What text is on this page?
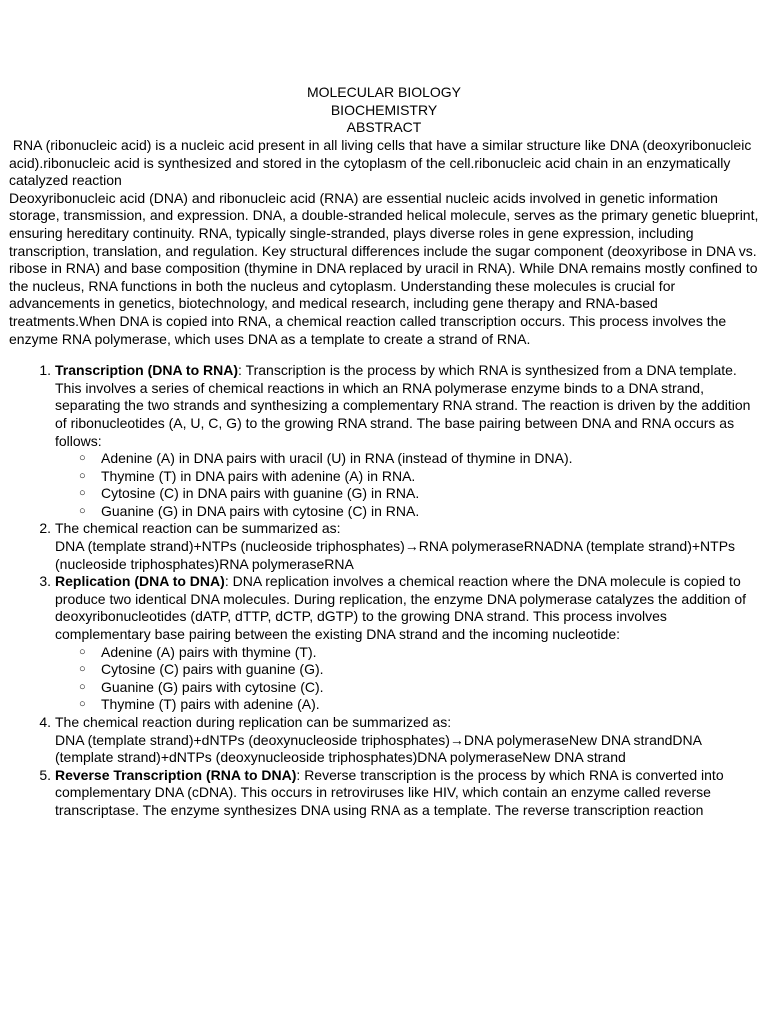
MOLECULAR BIOLOGY
BIOCHEMISTRY
ABSTRACT

RNA (ribonucleic acid) is a nucleic acid present in all living cells that have a similar structure like DNA (deoxyribonucleic acid).ribonucleic acid is synthesized and stored in the cytoplasm of the cell.ribonucleic acid chain in an enzymatically catalyzed reaction

Deoxyribonucleic acid (DNA) and ribonucleic acid (RNA) are essential nucleic acids involved in genetic information storage, transmission, and expression. DNA, a double-stranded helical molecule, serves as the primary genetic blueprint, ensuring hereditary continuity. RNA, typically single-stranded, plays diverse roles in gene expression, including transcription, translation, and regulation. Key structural differences include the sugar component (deoxyribose in DNA vs. ribose in RNA) and base composition (thymine in DNA replaced by uracil in RNA). While DNA remains mostly confined to the nucleus, RNA functions in both the nucleus and cytoplasm. Understanding these molecules is crucial for advancements in genetics, biotechnology, and medical research, including gene therapy and RNA-based treatments.When DNA is copied into RNA, a chemical reaction called transcription occurs. This process involves the enzyme RNA polymerase, which uses DNA as a template to create a strand of RNA.

1. Transcription (DNA to RNA): Transcription is the process by which RNA is synthesized from a DNA template. This involves a series of chemical reactions in which an RNA polymerase enzyme binds to a DNA strand, separating the two strands and synthesizing a complementary RNA strand. The reaction is driven by the addition of ribonucleotides (A, U, C, G) to the growing RNA strand. The base pairing between DNA and RNA occurs as follows:
○ Adenine (A) in DNA pairs with uracil (U) in RNA (instead of thymine in DNA).
○ Thymine (T) in DNA pairs with adenine (A) in RNA.
○ Cytosine (C) in DNA pairs with guanine (G) in RNA.
○ Guanine (G) in DNA pairs with cytosine (C) in RNA.
2. The chemical reaction can be summarized as:
DNA (template strand)+NTPs (nucleoside triphosphates)→RNA polymeraseRNADNA (template strand)+NTPs (nucleoside triphosphates)RNA polymeraseRNA
3. Replication (DNA to DNA): DNA replication involves a chemical reaction where the DNA molecule is copied to produce two identical DNA molecules. During replication, the enzyme DNA polymerase catalyzes the addition of deoxyribonucleotides (dATP, dTTP, dCTP, dGTP) to the growing DNA strand. This process involves complementary base pairing between the existing DNA strand and the incoming nucleotide:
○ Adenine (A) pairs with thymine (T).
○ Cytosine (C) pairs with guanine (G).
○ Guanine (G) pairs with cytosine (C).
○ Thymine (T) pairs with adenine (A).
4. The chemical reaction during replication can be summarized as:
DNA (template strand)+dNTPs (deoxynucleoside triphosphates)→DNA polymeraseNew DNA strandDNA (template strand)+dNTPs (deoxynucleoside triphosphates)DNA polymeraseNew DNA strand
5. Reverse Transcription (RNA to DNA): Reverse transcription is the process by which RNA is converted into complementary DNA (cDNA). This occurs in retroviruses like HIV, which contain an enzyme called reverse transcriptase. The enzyme synthesizes DNA using RNA as a template. The reverse transcription reaction
